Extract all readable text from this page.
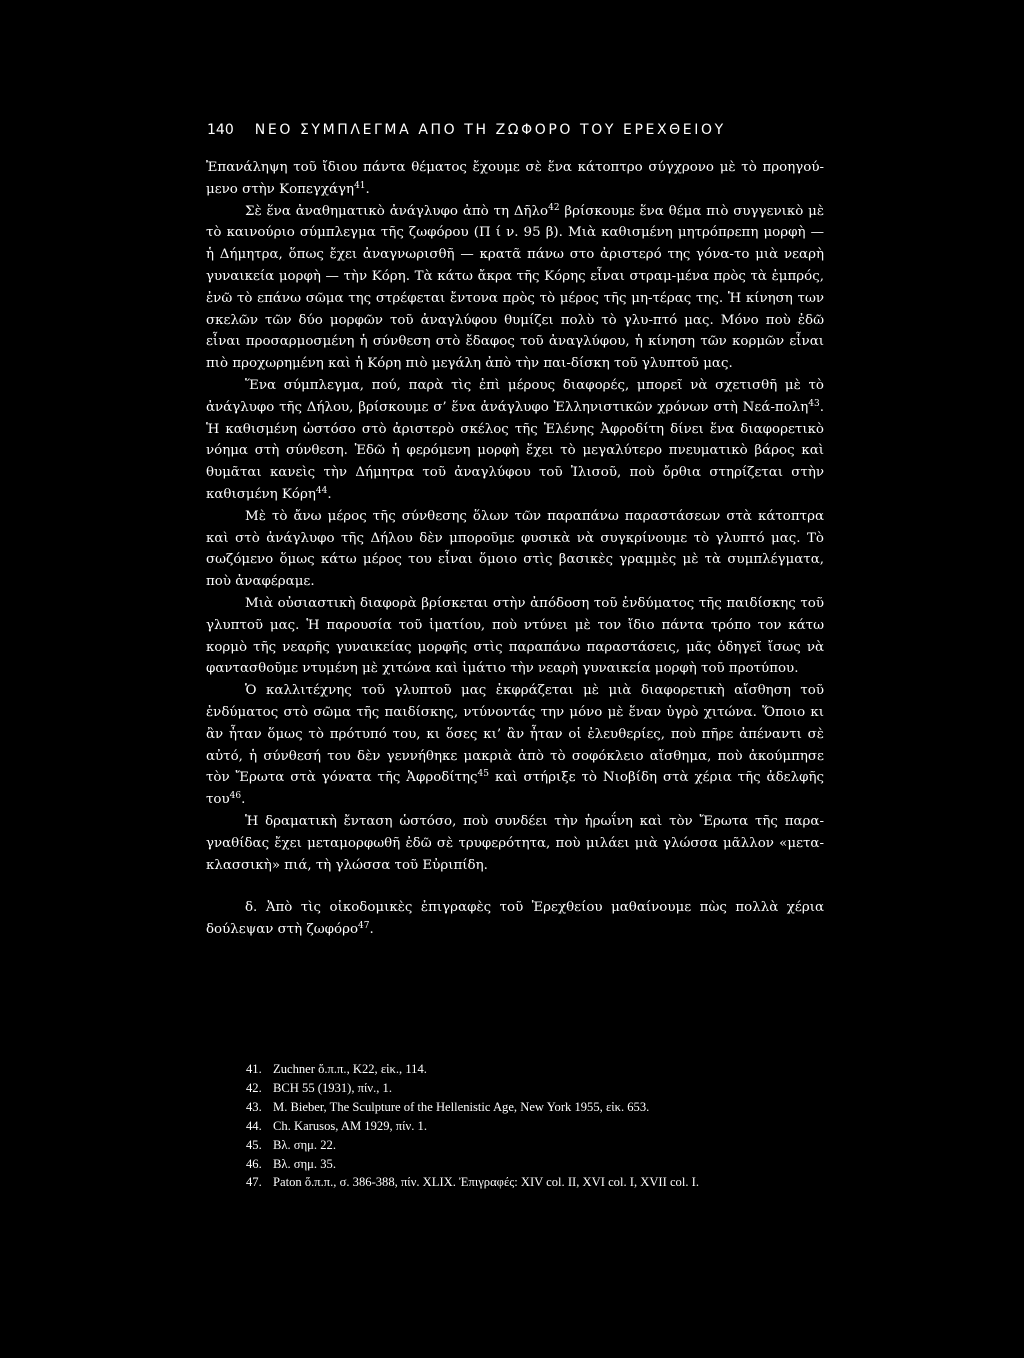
140 ΝΕΟ ΣΥΜΠΛΕΓΜΑ ΑΠΟ ΤΗ ΖΩΦΟΡΟ ΤΟΥ ΕΡΕΧΘΕΙΟΥ

Ἐπανάληψη τοῦ ἴδιου πάντα θέματος ἔχουμε σὲ ἕνα κάτοπτρο σύγχρονο μὲ τὸ προηγού-μενο στὴν Κοπεγχάγη$^{41}$.

Σὲ ἕνα ἀναθηματικὸ ἀνάγλυφο ἀπὸ τη Δῆλο$^{42}$ βρίσκουμε ἕνα θέμα πιὸ συγγενικὸ μὲ τὸ καινούριο σύμπλεγμα τῆς ζωφόρου (Π ί ν. 95 β). Μιὰ καθισμένη μητρόπρεπη μορφὴ — ἡ Δήμητρα, ὅπως ἔχει ἀναγνωρισθῆ — κρατᾶ πάνω στο ἀριστερό της γόνα-το μιὰ νεαρὴ γυναικεία μορφὴ — τὴν Κόρη. Τὰ κάτω ἄκρα τῆς Κόρης εἶναι στραμ-μένα πρὸς τὰ ἐμπρός, ἐνῶ τὸ επάνω σῶμα της στρέφεται ἔντονα πρὸς τὸ μέρος τῆς μη-τέρας της. Ἡ κίνηση των σκελῶν τῶν δύο μορφῶν τοῦ ἀναγλύφου θυμίζει πολὺ τὸ γλυ-πτό μας. Μόνο ποὺ ἐδῶ εἶναι προσαρμοσμένη ἡ σύνθεση στὸ ἔδαφος τοῦ ἀναγλύφου, ἡ κίνηση τῶν κορμῶν εἶναι πιὸ προχωρημένη καὶ ἡ Κόρη πιὸ μεγάλη ἀπὸ τὴν παι-δίσκη τοῦ γλυπτοῦ μας.

Ἕνα σύμπλεγμα, πού, παρὰ τὶς ἐπὶ μέρους διαφορές, μπορεῖ νὰ σχετισθῆ μὲ τὸ ἀνάγλυφο τῆς Δήλου, βρίσκουμε σ’ ἕνα ἀνάγλυφο Ἑλληνιστικῶν χρόνων στὴ Νεά-πολη$^{43}$. Ἡ καθισμένη ὡστόσο στὸ ἀριστερὸ σκέλος τῆς Ἑλένης Ἀφροδίτη δίνει ἕνα διαφορετικὸ νόημα στὴ σύνθεση. Ἐδῶ ἡ φερόμενη μορφὴ ἔχει τὸ μεγαλύτερο πνευματικὸ βάρος καὶ θυμᾶται κανεὶς τὴν Δήμητρα τοῦ ἀναγλύφου τοῦ Ἰλισοῦ, ποὺ ὄρθια στηρίζεται στὴν καθισμένη Κόρη$^{44}$.

Μὲ τὸ ἄνω μέρος τῆς σύνθεσης ὅλων τῶν παραπάνω παραστάσεων στὰ κάτοπτρα καὶ στὸ ἀνάγλυφο τῆς Δήλου δὲν μποροῦμε φυσικὰ νὰ συγκρίνουμε τὸ γλυπτό μας. Τὸ σωζόμενο ὅμως κάτω μέρος του εἶναι ὅμοιο στὶς βασικὲς γραμμὲς μὲ τὰ συμπλέγματα, ποὺ ἀναφέραμε.

Μιὰ οὐσιαστικὴ διαφορὰ βρίσκεται στὴν ἀπόδοση τοῦ ἐνδύματος τῆς παιδίσκης τοῦ γλυπτοῦ μας. Ἡ παρουσία τοῦ ἱματίου, ποὺ ντύνει μὲ τον ἴδιο πάντα τρόπο τον κάτω κορμὸ τῆς νεαρῆς γυναικείας μορφῆς στὶς παραπάνω παραστάσεις, μᾶς ὁδηγεῖ ἴσως νὰ φαντασθοῦμε ντυμένη μὲ χιτώνα καὶ ἱμάτιο τὴν νεαρὴ γυναικεία μορφὴ τοῦ προτύπου.

Ὁ καλλιτέχνης τοῦ γλυπτοῦ μας ἐκφράζεται μὲ μιὰ διαφορετικὴ αἴσθηση τοῦ ἐνδύματος στὸ σῶμα τῆς παιδίσκης, ντύνοντάς την μόνο μὲ ἕναν ὑγρὸ χιτώνα. Ὅποιο κι ἂν ἦταν ὅμως τὸ πρότυπό του, κι ὅσες κι’ ἂν ἦταν οἱ ἐλευθερίες, ποὺ πῆρε ἀπέναντι σὲ αὐτό, ἡ σύνθεσή του δὲν γεννήθηκε μακριὰ ἀπὸ τὸ σοφόκλειο αἴσθημα, ποὺ ἀκούμπησε τὸν Ἔρωτα στὰ γόνατα τῆς Ἀφροδίτης$^{45}$ καὶ στήριξε τὸ Νιοβίδη στὰ χέρια τῆς ἀδελφῆς του$^{46}$.

Ἡ δραματικὴ ἔνταση ὡστόσο, ποὺ συνδέει τὴν ἡρωΐνη καὶ τὸν Ἔρωτα τῆς παρα-γναθίδας ἔχει μεταμορφωθῆ ἐδῶ σὲ τρυφερότητα, ποὺ μιλάει μιὰ γλώσσα μᾶλλον «μετα-κλασσικὴ» πιά, τὴ γλώσσα τοῦ Εὐριπίδη.

δ. Ἀπὸ τὶς οἰκοδομικὲς ἐπιγραφὲς τοῦ Ἐρεχθείου μαθαίνουμε πὼς πολλὰ χέρια δούλεψαν στὴ ζωφόρο$^{47}$.

41. Zuchner ὅ.π.π., K22, εἰκ., 114.
42. BCH 55 (1931), πίν., 1.
43. M. Bieber, The Sculpture of the Hellenistic Age, New York 1955, εἰκ. 653.
44. Ch. Karusos, AM 1929, πίν. 1.
45. Βλ. σημ. 22.
46. Βλ. σημ. 35.
47. Paton ὅ.π.π., σ. 386-388, πίν. XLIX. Ἐπιγραφές: XIV col. II, XVI col. I, XVII col. I.
